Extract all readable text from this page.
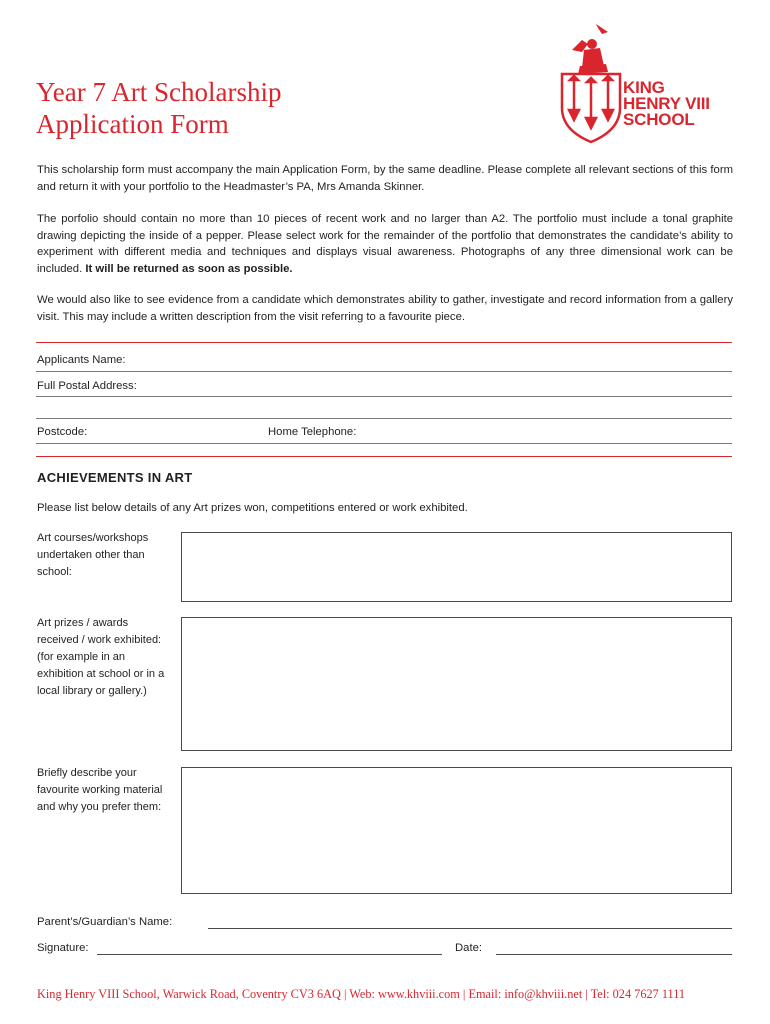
Year 7 Art Scholarship
Application Form
KING
HENRY VIII
SCHOOL

This scholarship form must accompany the main Application Form, by the same deadline. Please complete all relevant sections of this form and return it with your portfolio to the Headmaster’s PA, Mrs Amanda Skinner.

The porfolio should contain no more than 10 pieces of recent work and no larger than A2. The portfolio must include a tonal graphite drawing depicting the inside of a pepper. Please select work for the remainder of the portfolio that demonstrates the candidate’s ability to experiment with different media and techniques and displays visual awareness. Photographs of any three dimensional work can be included. It will be returned as soon as possible.

We would also like to see evidence from a candidate which demonstrates ability to gather, investigate and record information from a gallery visit. This may include a written description from the visit referring to a favourite piece.

Applicants Name:
Full Postal Address:
Postcode:	Home Telephone:
ACHIEVEMENTS IN ART

Please list below details of any Art prizes won, competitions entered or work exhibited.

Art courses/workshops undertaken other than school:
Art prizes / awards received / work exhibited:
(for example in an exhibition at school or in a local library or gallery.)
Briefly describe your favourite working material and why you prefer them:
Parent’s/Guardian’s Name:
Signature:	Date:
King Henry VIII School, Warwick Road, Coventry CV3 6AQ | Web: www.khviii.com | Email: info@khviii.net | Tel: 024 7627 1111
